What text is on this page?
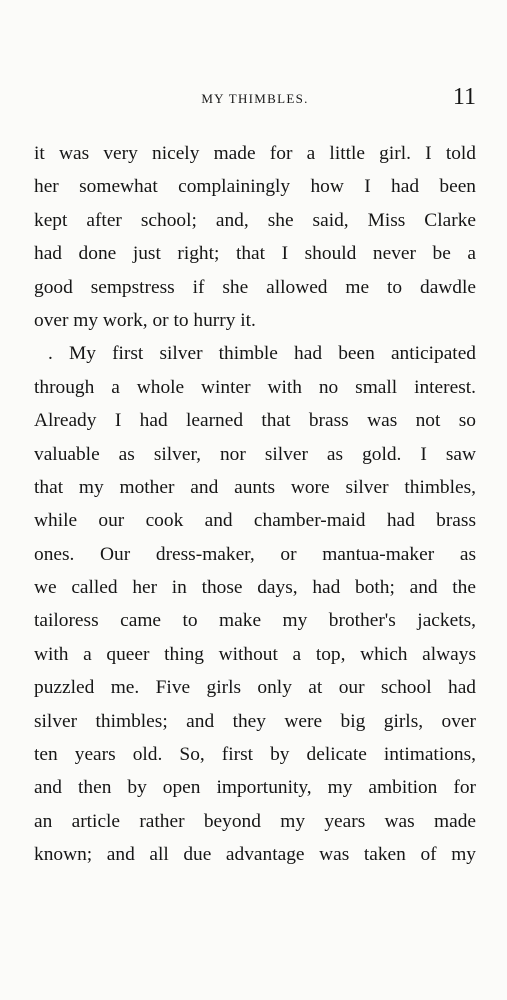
MY THIMBLES.	11
it was very nicely made for a little girl. I told
her somewhat complainingly how I had been
kept after school; and, she said, Miss Clarke
had done just right; that I should never be a
good sempstress if she allowed me to dawdle
over my work, or to hurry it.
. My first silver thimble had been anticipated
through a whole winter with no small interest.
Already I had learned that brass was not so
valuable as silver, nor silver as gold. I saw
that my mother and aunts wore silver thimbles,
while our cook and chamber-maid had brass
ones. Our dress-maker, or mantua-maker as
we called her in those days, had both; and the
tailoress came to make my brother's jackets,
with a queer thing without a top, which always
puzzled me. Five girls only at our school had
silver thimbles; and they were big girls, over
ten years old. So, first by delicate intimations,
and then by open importunity, my ambition for
an article rather beyond my years was made
known; and all due advantage was taken of my
